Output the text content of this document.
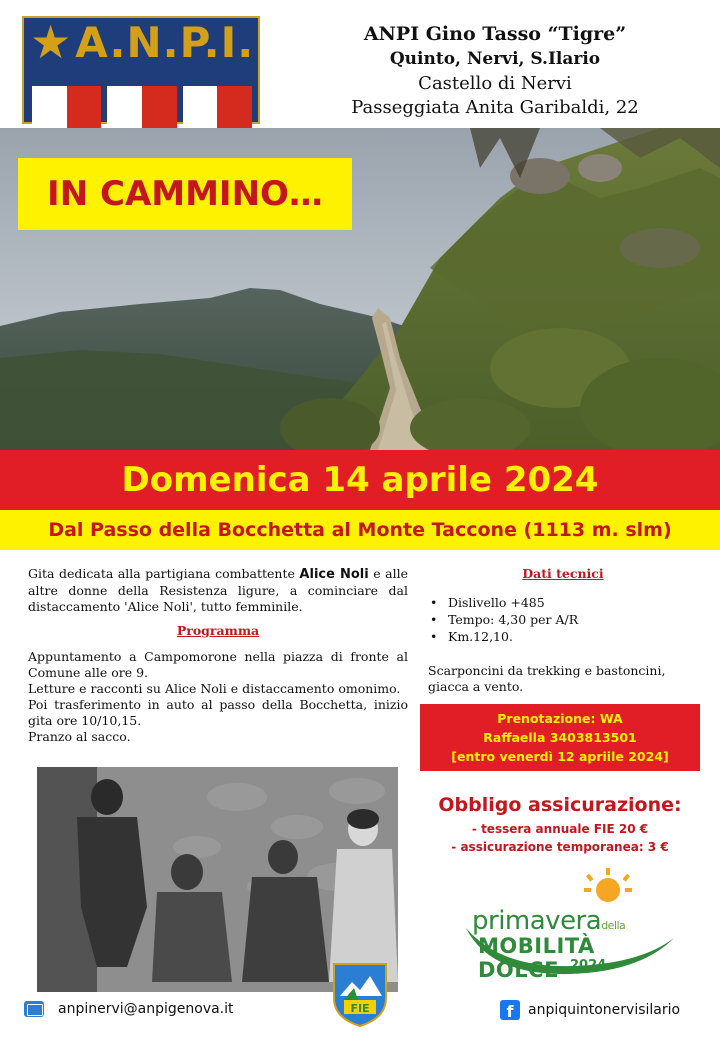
★ A.N.P.I.	ANPI Gino Tasso “Tigre”
Quinto, Nervi, S.Ilario
Castello di Nervi
Passeggiata Anita Garibaldi, 22
IN CAMMINO…
Domenica 14 aprile 2024
Dal Passo della Bocchetta al Monte Taccone (1113 m. slm)

Gita dedicata alla partigiana combattente Alice Noli e alle altre donne della Resistenza ligure, a cominciare dal distaccamento 'Alice Noli', tutto femminile.

Programma
Appuntamento a Campomorone nella piazza di fronte al Comune alle ore 9.
Letture e racconti su Alice Noli e distaccamento omonimo.
Poi trasferimento in auto al passo della Bocchetta, inizio gita ore 10/10,15.
Pranzo al sacco.
Dati tecnici
• Dislivello +485
• Tempo: 4,30 per A/R
• Km.12,10.

Scarponcini da trekking e bastoncini, giacca a vento.

Prenotazione: WA
Raffaella 3403813501
[entro venerdì 12 apriile 2024]
Obbligo assicurazione:
- tessera annuale FIE 20 €
- assicurazione temporanea: 3 €
primaveradella
MOBILITÀ DOLCE 2024
FIE
anpinervi@anpigenova.it	f	anpiquintonervisilario
